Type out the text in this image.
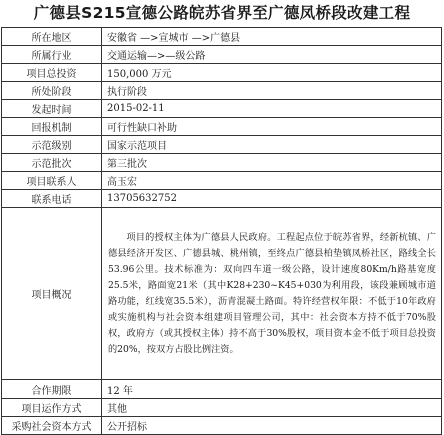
广德县S215宣德公路皖苏省界至广德凤桥段改建工程
所在地区	安徽省 —>宣城市 —>广德县
所属行业	交通运输—>—级公路
项目总投资	150,000 万元
所处阶段	执行阶段
发起时间	2015-02-11
回报机制	可行性缺口补助
示范级别	国家示范项目
示范批次	第三批次
项目联系人	高玉宏
联系电话	13705632752
项目概况	项目的授权主体为广德县人民政府。工程起点位于皖苏省界，经新杭镇、广德县经济开发区、广德县城、桃州镇，至终点广德县柏垫镇凤桥社区，路线全长53.96公里。技术标准为：双向四车道一级公路，设计速度80Km/h路基宽度25.5米，路面宽21米（其中K28+230~K45+030为利用段，该段兼顾城市道路功能，红线宽35.5米），沥青混凝土路面。特许经营权年限：不低于10年政府或实施机构与社会资本组建项目管理公司，其中：社会资本方持不低于70%股权，政府方（或其授权主体）持不高于30%股权，项目资本金不低于项目总投资的20%，按双方占股比例注资。
合作期限	12 年
项目运作方式	其他
采购社会资本方式	公开招标
